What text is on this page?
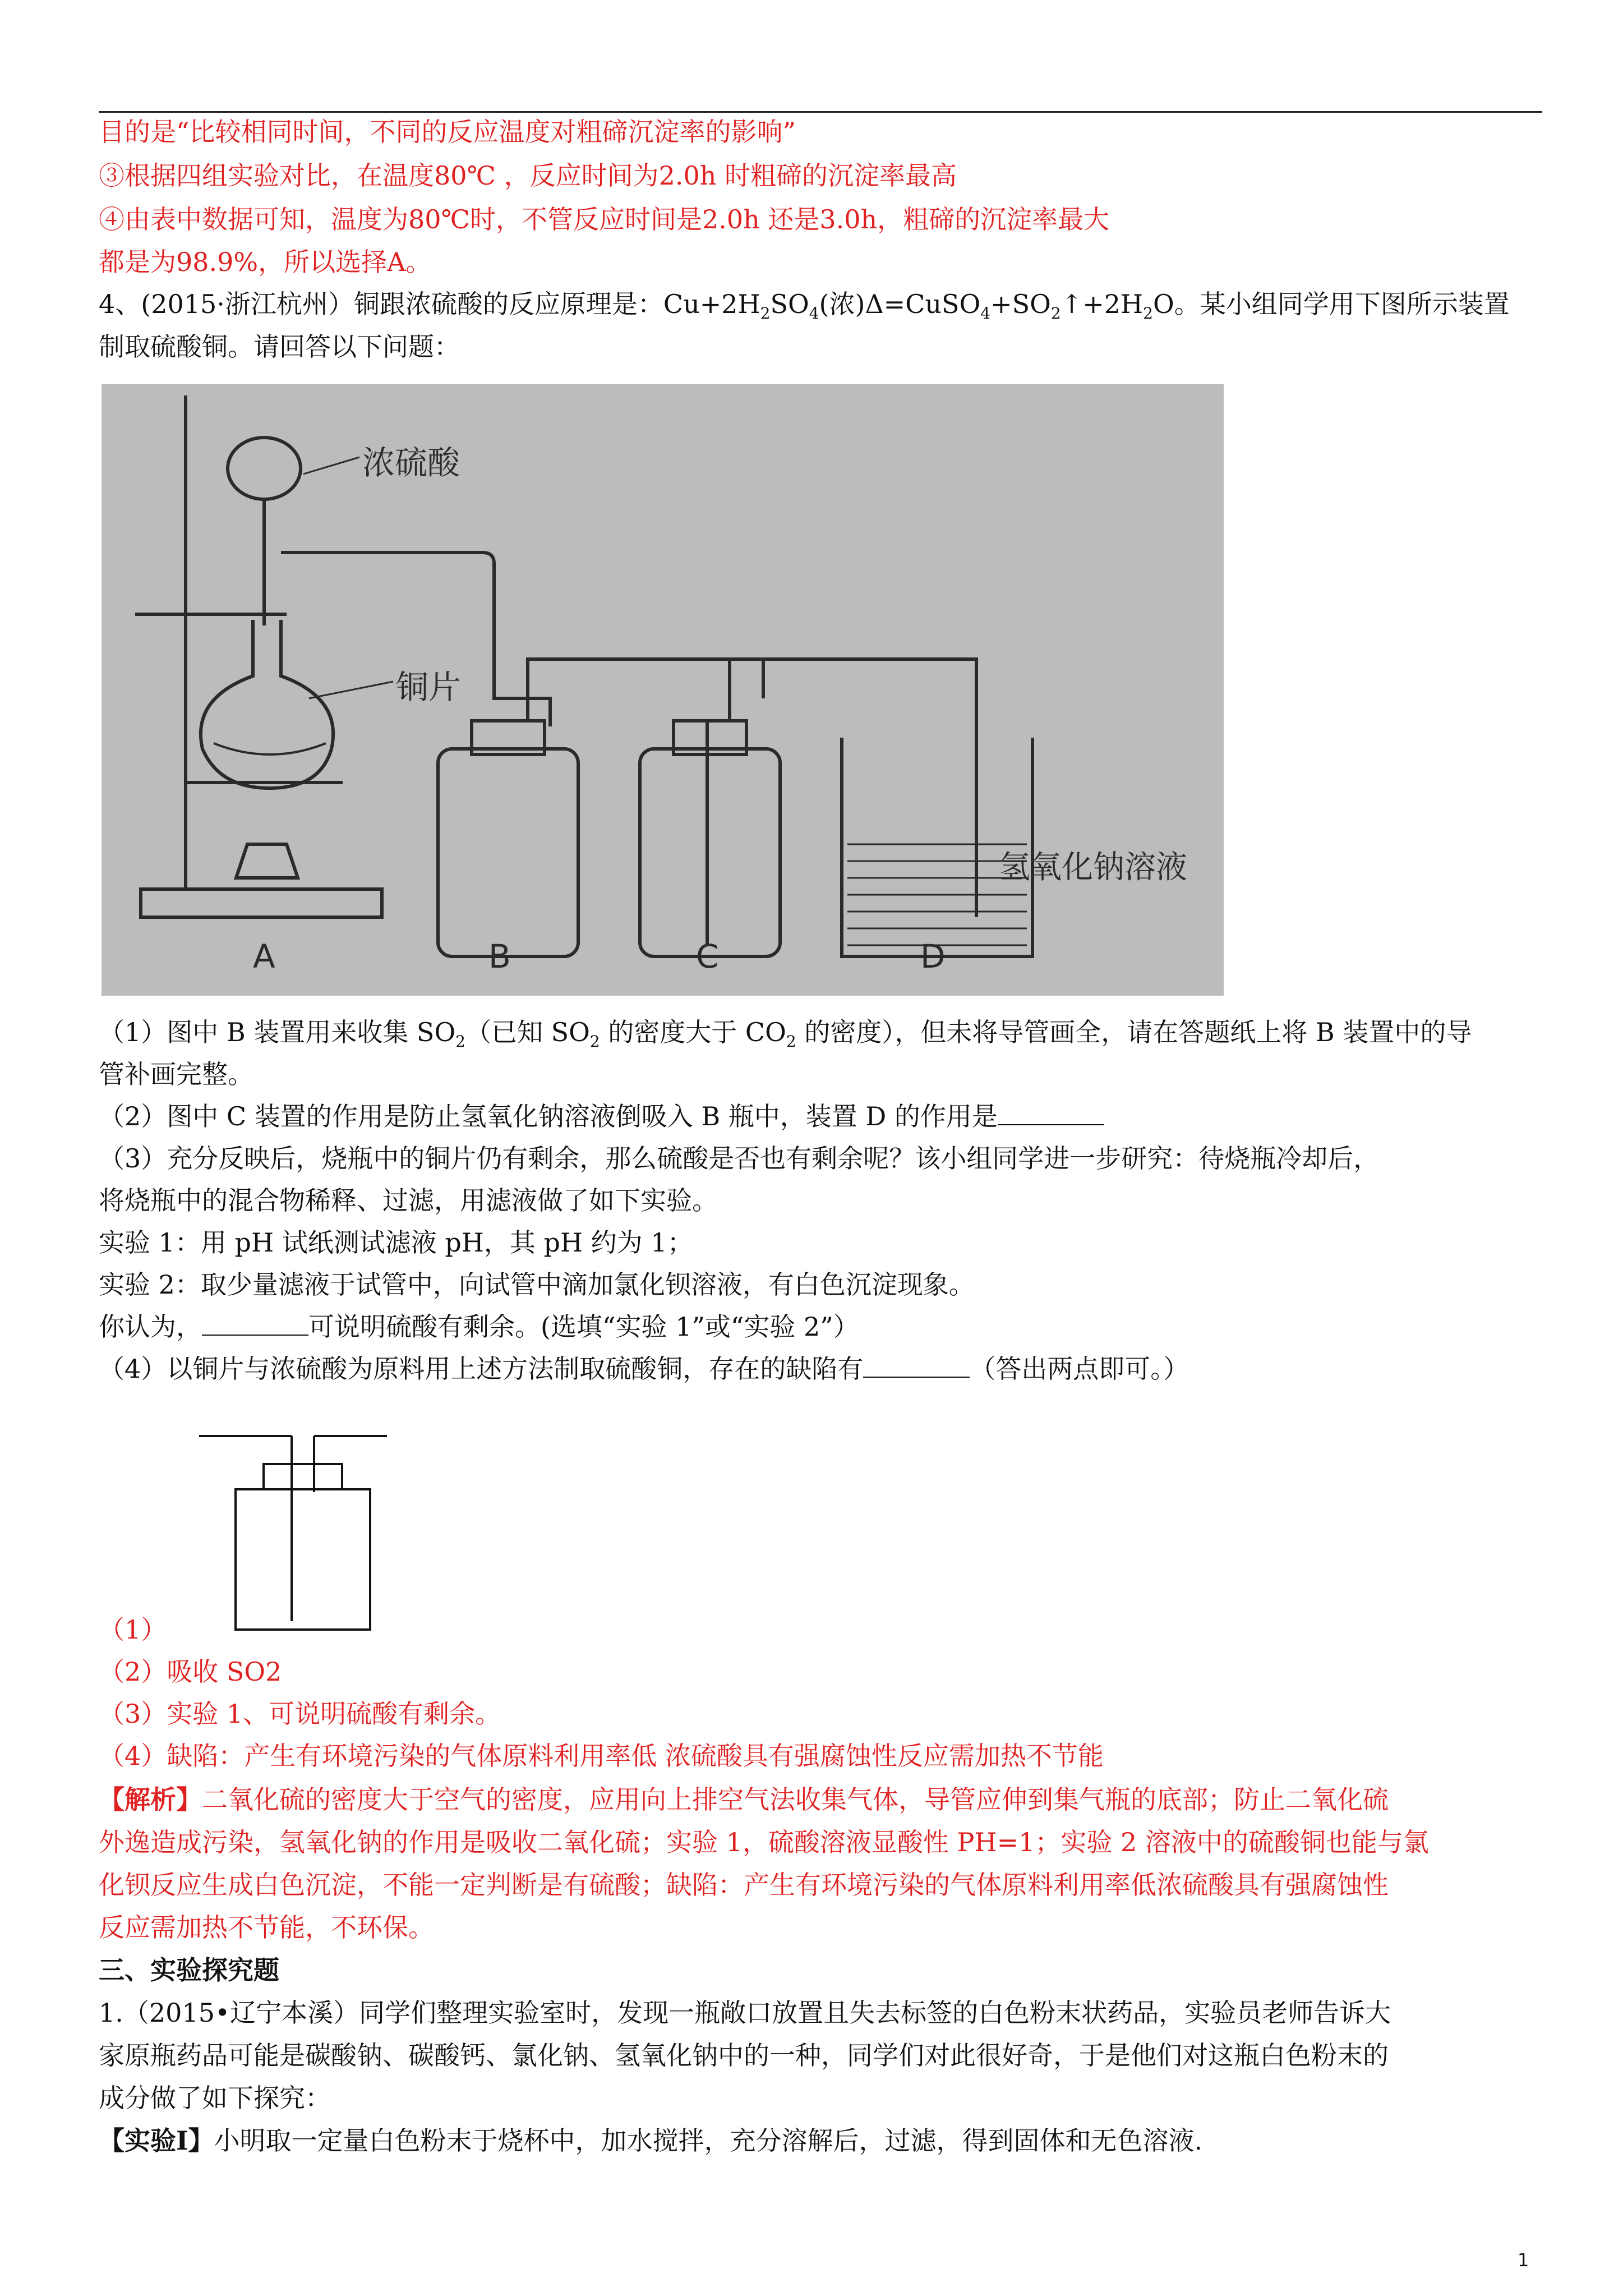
目的是“比较相同时间，不同的反应温度对粗碲沉淀率的影响”
③根据四组实验对比，在温度80℃ ，反应时间为2.0h 时粗碲的沉淀率最高
④由表中数据可知，温度为80℃时，不管反应时间是2.0h 还是3.0h，粗碲的沉淀率最大
都是为98.9%，所以选择A。
4、(2015·浙江杭州）铜跟浓硫酸的反应原理是：$Cu+2H_2SO_4$(浓)$\Delta=CuSO_4+SO_2↑+2H_2O$。某小组同学用下图所示装置
制取硫酸铜。请回答以下问题：
浓硫酸
铜片
氢氧化钠溶液
A	B	C	D
（1）图中 B 装置用来收集 $SO_2$（已知 $SO_2$ 的密度大于 $CO_2$ 的密度），但未将导管画全，请在答题纸上将 B 装置中的导
管补画完整。
（2）图中 C 装置的作用是防止氢氧化钠溶液倒吸入 B 瓶中，装置 D 的作用是
（3）充分反映后，烧瓶中的铜片仍有剩余，那么硫酸是否也有剩余呢？该小组同学进一步研究：待烧瓶冷却后，
将烧瓶中的混合物稀释、过滤，用滤液做了如下实验。
实验 1：用 pH 试纸测试滤液 pH，其 pH 约为 1；
实验 2：取少量滤液于试管中，向试管中滴加氯化钡溶液，有白色沉淀现象。
你认为，	可说明硫酸有剩余。(选填“实验 1”或“实验 2”）
（4）以铜片与浓硫酸为原料用上述方法制取硫酸铜，存在的缺陷有	（答出两点即可。）
（1）
（2）吸收 SO2
（3）实验 1、可说明硫酸有剩余。
（4）缺陷：产生有环境污染的气体原料利用率低 浓硫酸具有强腐蚀性反应需加热不节能
【解析】二氧化硫的密度大于空气的密度，应用向上排空气法收集气体，导管应伸到集气瓶的底部；防止二氧化硫
外逸造成污染，氢氧化钠的作用是吸收二氧化硫；实验 1，硫酸溶液显酸性 PH=1；实验 2 溶液中的硫酸铜也能与氯
化钡反应生成白色沉淀，不能一定判断是有硫酸；缺陷：产生有环境污染的气体原料利用率低浓硫酸具有强腐蚀性
反应需加热不节能，不环保。
三、实验探究题
1.（2015•辽宁本溪）同学们整理实验室时，发现一瓶敞口放置且失去标签的白色粉末状药品，实验员老师告诉大
家原瓶药品可能是碳酸钠、碳酸钙、氯化钠、氢氧化钠中的一种，同学们对此很好奇，于是他们对这瓶白色粉末的
成分做了如下探究：
【实验Ⅰ】小明取一定量白色粉末于烧杯中，加水搅拌，充分溶解后，过滤，得到固体和无色溶液.
1
